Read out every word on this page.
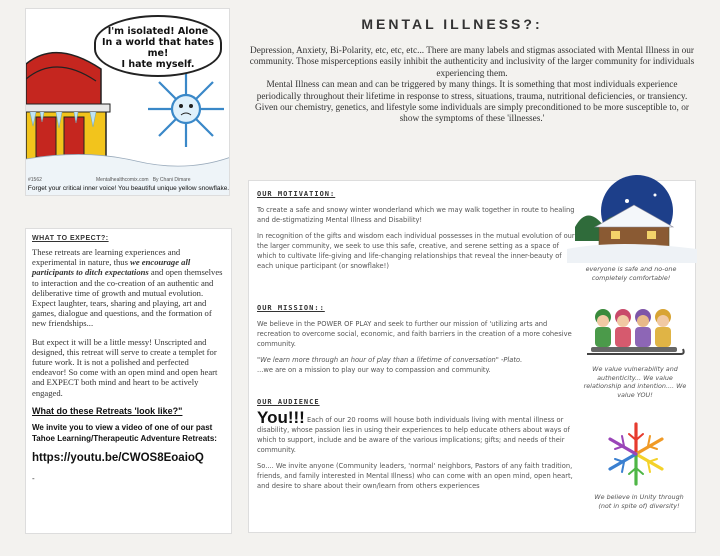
I'm isolated! Alone
In a world that hates me!
I hate myself.
#1562	Mentalhealthcomix.com By Chani Dimare
Forget your critical inner voice! You beautiful unique yellow snowflake.
WHAT TO EXPECT?:

These retreats are learning experiences and experimental in nature, thus we encourage all participants to ditch expectations and open themselves to interaction and the co-creation of an authentic and deliberative time of growth and mutual evolution. Expect laughter, tears, sharing and playing, art and games, dialogue and questions, and the formation of new friendships...

But expect it will be a little messy! Unscripted and designed, this retreat will serve to create a templet for future work. It is not a polished and perfected endeavor! So come with an open mind and open heart and EXPECT both mind and heart to be actively engaged.

What do these Retreats 'look like?"
We invite you to view a video of one of our past Tahoe Learning/Therapeutic Adventure Retreats:
https://youtu.be/CWOS8EoaioQ
-
MENTAL ILLNESS?:

Depression, Anxiety, Bi-Polarity, etc, etc, etc... There are many labels and stigmas associated with Mental Illness in our community. Those misperceptions easily inhibit the authenticity and inclusivity of the larger community for individuals experiencing them.

Mental Illness can mean and can be triggered by many things. It is something that most individuals experience periodically throughout their lifetime in response to stress, situations, trauma, nutritional deficiencies, or transiency. Given our chemistry, genetics, and lifestyle some individuals are simply preconditioned to be more susceptible to, or show the symptoms of these 'illnesses.'

OUR MOTIVATION:

To create a safe and snowy winter wonderland which we may walk together in route to healing and de-stigmatizing Mental Illness and Disability!

In recognition of the gifts and wisdom each individual possesses in the mutual evolution of our the larger community, we seek to use this safe, creative, and serene setting as a space of which to cultivate life-giving and life-changing relationships that reveal the inner-beauty of each unique participant (or snowflake!)

OUR MISSION::

We believe in the POWER OF PLAY and seek to further our mission of 'utilizing arts and recreation to overcome social, economic, and faith barriers in the creation of a more cohesive community.

"We learn more through an hour of play than a lifetime of conversation" -Plato.

...we are on a mission to play our way to compassion and community.

OUR AUDIENCE

You!!! Each of our 20 rooms will house both individuals living with mental illness or disability, whose passion lies in using their experiences to help educate others about ways of which to support, include and be aware of the various implications; gifts; and needs of their community.

So.... We invite anyone (Community leaders, 'normal' neighbors, Pastors of any faith tradition, friends, and family interested in Mental Illness) who can come with an open mind, open heart, and desire to share about their own/learn from others experiences

everyone is safe and no-one completely comfortable!
We value vulnerability and authenticity... We value relationship and intention.... We value YOU!
We believe in Unity through (not in spite of) diversity!
